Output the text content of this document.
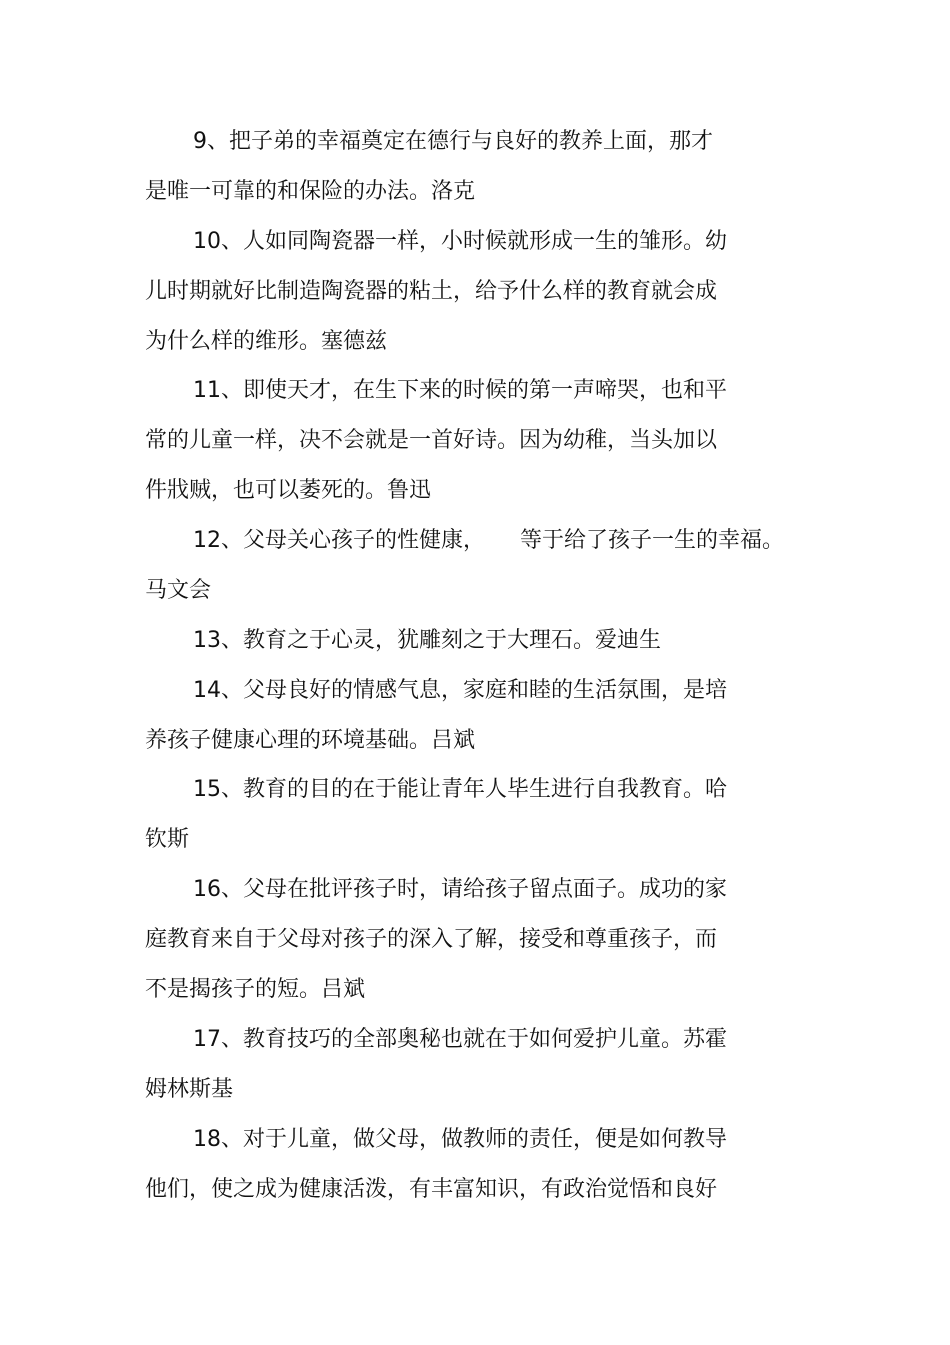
9、把子弟的幸福奠定在德行与良好的教养上面，那才
是唯一可靠的和保险的办法。洛克
10、人如同陶瓷器一样，小时候就形成一生的雏形。幼
儿时期就好比制造陶瓷器的粘土，给予什么样的教育就会成
为什么样的维形。塞德兹
11、即使天才，在生下来的时候的第一声啼哭，也和平
常的儿童一样，决不会就是一首好诗。因为幼稚，当头加以
件戕贼，也可以萎死的。鲁迅
12、父母关心孩子的性健康，     等于给了孩子一生的幸福。
马文会
13、教育之于心灵，犹雕刻之于大理石。爱迪生
14、父母良好的情感气息，家庭和睦的生活氛围，是培
养孩子健康心理的环境基础。吕斌
15、教育的目的在于能让青年人毕生进行自我教育。哈
钦斯
16、父母在批评孩子时，请给孩子留点面子。成功的家
庭教育来自于父母对孩子的深入了解，接受和尊重孩子，而
不是揭孩子的短。吕斌
17、教育技巧的全部奥秘也就在于如何爱护儿童。苏霍
姆林斯基
18、对于儿童，做父母，做教师的责任，便是如何教导
他们，使之成为健康活泼，有丰富知识，有政治觉悟和良好
